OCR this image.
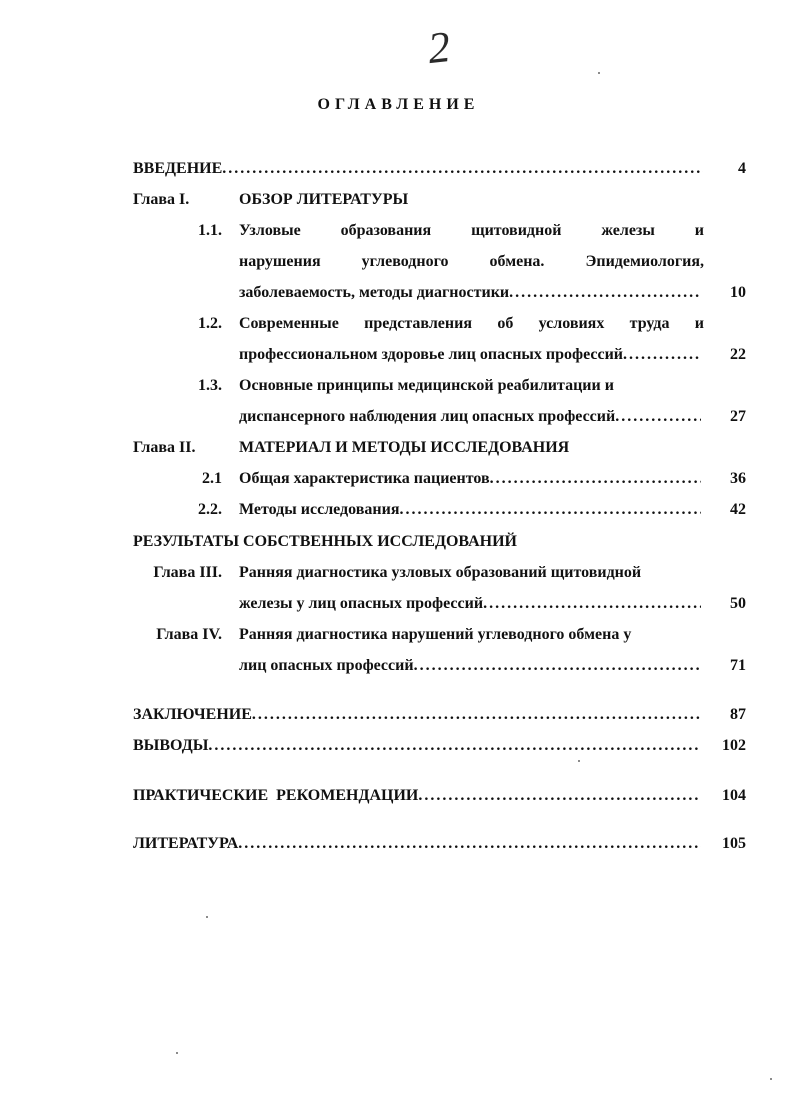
2
ОГЛАВЛЕНИЕ
ВВЕДЕНИЕ . . .	4
Глава I.	ОБЗОР ЛИТЕРАТУРЫ
1.1. Узловые образования щитовидной железы и
нарушения углеводного обмена. Эпидемиология,
заболеваемость, методы диагностики . . .	10
1.2. Современные представления об условиях труда и
профессиональном здоровье лиц опасных профессий . . .	22
1.3. Основные принципы медицинской реабилитации и
диспансерного наблюдения лиц опасных профессий . . .	27
Глава II.	МАТЕРИАЛ И МЕТОДЫ ИССЛЕДОВАНИЯ
2.1 Общая характеристика пациентов . . .	36
2.2. Методы исследования . . .	42
РЕЗУЛЬТАТЫ СОБСТВЕННЫХ ИССЛЕДОВАНИЙ
Глава III. Ранняя диагностика узловых образований щитовидной
железы у лиц опасных профессий . . .	50
Глава IV. Ранняя диагностика нарушений углеводного обмена у
лиц опасных профессий . . .	71
ЗАКЛЮЧЕНИЕ . . .	87
ВЫВОДЫ . . .	102
ПРАКТИЧЕСКИЕ  РЕКОМЕНДАЦИИ . . .	104
ЛИТЕРАТУРА . . .	105
